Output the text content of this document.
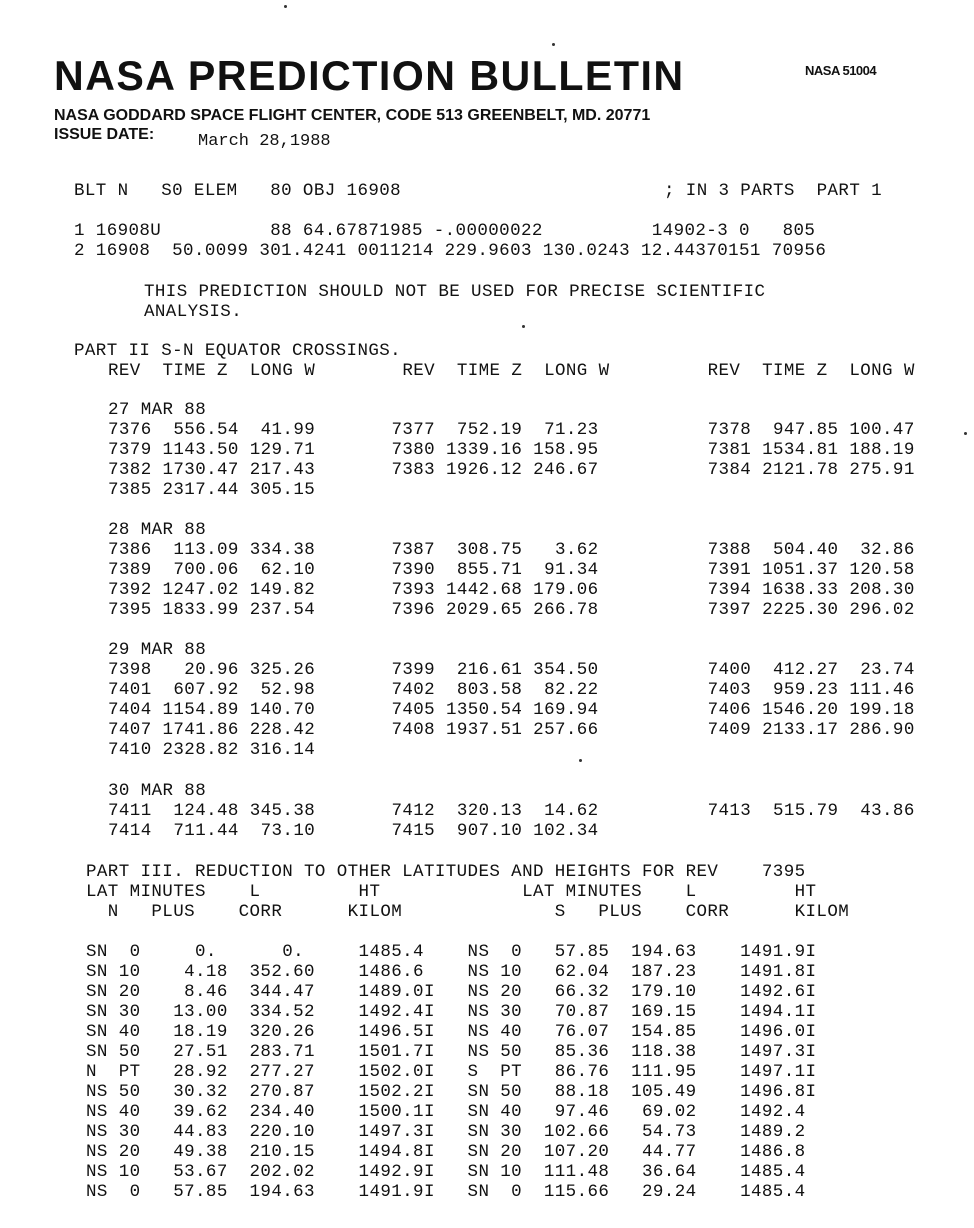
NASA PREDICTION BULLETIN	NASA 51004
NASA GODDARD SPACE FLIGHT CENTER, CODE 513 GREENBELT, MD. 20771
ISSUE DATE:	March 28,1988
BLT N   S0 ELEM   80 OBJ 16908	; IN 3 PARTS  PART 1
1 16908U          88 64.67871985 -.00000022          14902-3 0   805
2 16908  50.0099 301.4241 0011214 229.9603 130.0243 12.44370151 70956
THIS PREDICTION SHOULD NOT BE USED FOR PRECISE SCIENTIFIC
ANALYSIS.
PART II S-N EQUATOR CROSSINGS.
REV  TIME Z  LONG W        REV  TIME Z  LONG W         REV  TIME Z  LONG W
27 MAR 88
7376  556.54  41.99       7377  752.19  71.23          7378  947.85 100.47
7379 1143.50 129.71       7380 1339.16 158.95          7381 1534.81 188.19
7382 1730.47 217.43       7383 1926.12 246.67          7384 2121.78 275.91
7385 2317.44 305.15
28 MAR 88
7386  113.09 334.38       7387  308.75   3.62          7388  504.40  32.86
7389  700.06  62.10       7390  855.71  91.34          7391 1051.37 120.58
7392 1247.02 149.82       7393 1442.68 179.06          7394 1638.33 208.30
7395 1833.99 237.54       7396 2029.65 266.78          7397 2225.30 296.02
29 MAR 88
7398   20.96 325.26       7399  216.61 354.50          7400  412.27  23.74
7401  607.92  52.98       7402  803.58  82.22          7403  959.23 111.46
7404 1154.89 140.70       7405 1350.54 169.94          7406 1546.20 199.18
7407 1741.86 228.42       7408 1937.51 257.66          7409 2133.17 286.90
7410 2328.82 316.14
30 MAR 88
7411  124.48 345.38       7412  320.13  14.62          7413  515.79  43.86
7414  711.44  73.10       7415  907.10 102.34
PART III. REDUCTION TO OTHER LATITUDES AND HEIGHTS FOR REV    7395
LAT MINUTES    L         HT             LAT MINUTES    L         HT
N   PLUS    CORR      KILOM              S   PLUS    CORR      KILOM
SN  0     0.      0.     1485.4    NS  0   57.85  194.63    1491.9I
SN 10    4.18  352.60    1486.6    NS 10   62.04  187.23    1491.8I
SN 20    8.46  344.47    1489.0I   NS 20   66.32  179.10    1492.6I
SN 30   13.00  334.52    1492.4I   NS 30   70.87  169.15    1494.1I
SN 40   18.19  320.26    1496.5I   NS 40   76.07  154.85    1496.0I
SN 50   27.51  283.71    1501.7I   NS 50   85.36  118.38    1497.3I
N  PT   28.92  277.27    1502.0I   S  PT   86.76  111.95    1497.1I
NS 50   30.32  270.87    1502.2I   SN 50   88.18  105.49    1496.8I
NS 40   39.62  234.40    1500.1I   SN 40   97.46   69.02    1492.4
NS 30   44.83  220.10    1497.3I   SN 30  102.66   54.73    1489.2
NS 20   49.38  210.15    1494.8I   SN 20  107.20   44.77    1486.8
NS 10   53.67  202.02    1492.9I   SN 10  111.48   36.64    1485.4
NS  0   57.85  194.63    1491.9I   SN  0  115.66   29.24    1485.4
